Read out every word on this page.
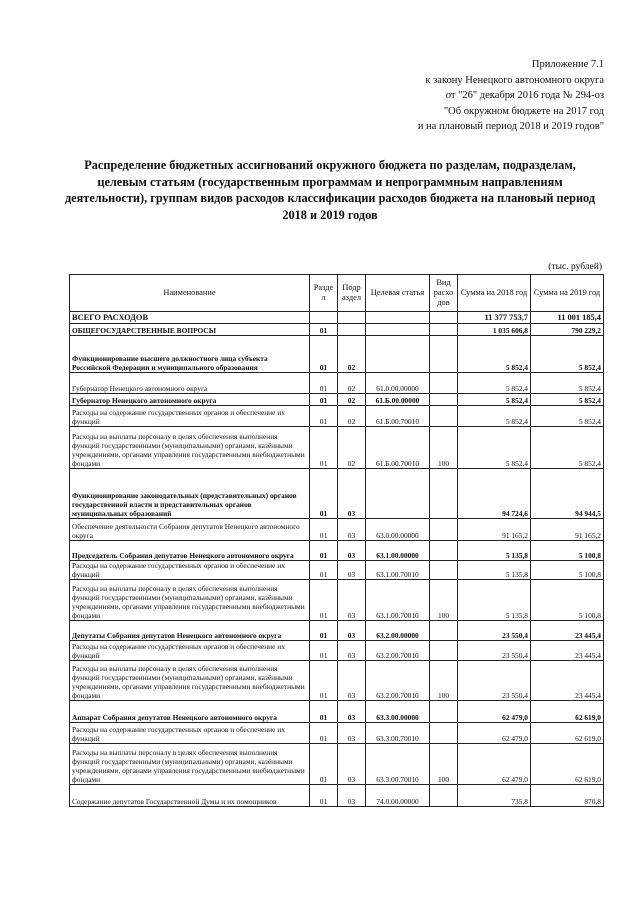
Приложение 7.1
к закону Ненецкого автономного округа
от "26" декабря 2016 года № 294-оз
"Об окружном бюджете на 2017 год
и на плановый период 2018 и 2019 годов"
Распределение бюджетных ассигнований окружного бюджета по разделам, подразделам, целевым статьям (государственным программам и непрограммным направлениям деятельности), группам видов расходов классификации расходов бюджета на плановый период 2018 и 2019 годов
(тыс. рублей)
Наименование	Разде л	Подр аздел	Целевая статья	Вид расхо дов	Сумма на 2018 год	Сумма на 2019 год
ВСЕГО РАСХОДОВ					11 377 753,7	11 001 185,4
ОБЩЕГОСУДАРСТВЕННЫЕ ВОПРОСЫ	01				1 035 606,8	790 229,2
Функционирование высшего должностного лица субъекта Российской Федерации и муниципального образования	01	02			5 852,4	5 852,4
Губернатор Ненецкого автономного округа	01	02	61.0.00.00000		5 852,4	5 852,4
Губернатор Ненецкого автономного округа	01	02	61.Б.00.00000		5 852,4	5 852,4
Расходы на содержание государственных органов и обеспечение их функций	01	02	61.Б.00.70010		5 852,4	5 852,4
Расходы на выплаты персоналу в целях обеспечения выполнения функций государственными (муниципальными) органами, казёнными учреждениями, органами управления государственными внебюджетными фондами	01	02	61.Б.00.70010	100	5 852,4	5 852,4
Функционирование законодательных (представительных) органов государственной власти и представительных органов муниципальных образований	01	03			94 724,6	94 944,5
Обеспечение деятельности Собрания депутатов Ненецкого автономного округа	01	03	63.0.00.00000		91 165,2	91 165,2
Председатель Собрания депутатов Ненецкого автономного округа	01	03	63.1.00.00000		5 135,8	5 100,8
Расходы на содержание государственных органов и обеспечение их функций	01	03	63.1.00.70010		5 135,8	5 100,8
Расходы на выплаты персоналу в целях обеспечения выполнения функций государственными (муниципальными) органами, казёнными учреждениями, органами управления государственными внебюджетными фондами	01	03	63.1.00.70010	100	5 135,8	5 100,8
Депутаты Собрания депутатов Ненецкого автономного округа	01	03	63.2.00.00000		23 550,4	23 445,4
Расходы на содержание государственных органов и обеспечение их функций	01	03	63.2.00.70010		23 550,4	23 445,4
Расходы на выплаты персоналу в целях обеспечения выполнения функций государственными (муниципальными) органами, казёнными учреждениями, органами управления государственными внебюджетными фондами	01	03	63.2.00.70010	100	23 550,4	23 445,4
Аппарат Собрания депутатов Ненецкого автономного округа	01	03	63.3.00.00000		62 479,0	62 619,0
Расходы на содержание государственных органов и обеспечение их функций	01	03	63.3.00.70010		62 479,0	62 619,0
Расходы на выплаты персоналу в целях обеспечения выполнения функций государственными (муниципальными) органами, казёнными учреждениями, органами управления государственными внебюджетными фондами	01	03	63.3.00.70010	100	62 479,0	62 619,0
Содержание депутатов Государственной Думы и их помощников	01	03	74.0.00.00000		735,8	870,8
